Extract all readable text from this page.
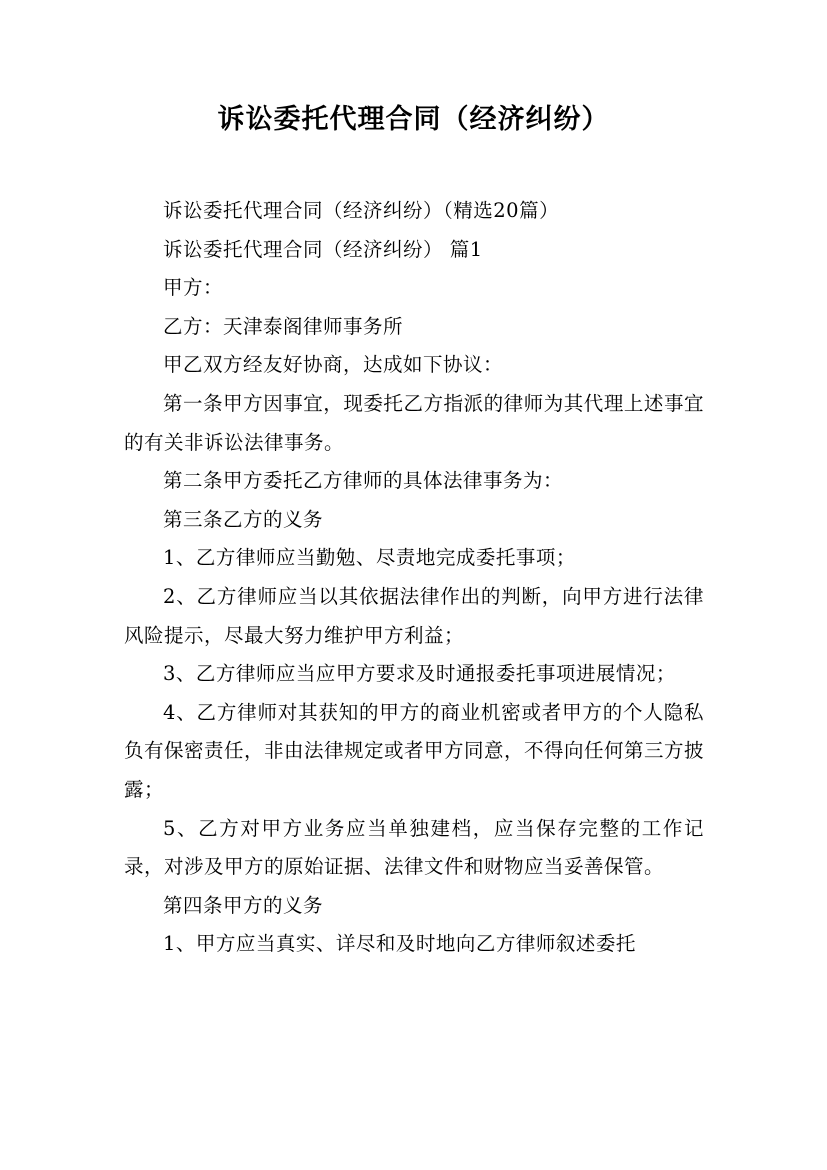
诉讼委托代理合同（经济纠纷）

诉讼委托代理合同（经济纠纷）（精选20篇）

诉讼委托代理合同（经济纠纷） 篇1

甲方：

乙方：天津泰阁律师事务所

甲乙双方经友好协商，达成如下协议：

第一条甲方因事宜，现委托乙方指派的律师为其代理上述事宜的有关非诉讼法律事务。

第二条甲方委托乙方律师的具体法律事务为：

第三条乙方的义务

1、乙方律师应当勤勉、尽责地完成委托事项；

2、乙方律师应当以其依据法律作出的判断，向甲方进行法律风险提示，尽最大努力维护甲方利益；

3、乙方律师应当应甲方要求及时通报委托事项进展情况；

4、乙方律师对其获知的甲方的商业机密或者甲方的个人隐私负有保密责任，非由法律规定或者甲方同意，不得向任何第三方披露；

5、乙方对甲方业务应当单独建档，应当保存完整的工作记录，对涉及甲方的原始证据、法律文件和财物应当妥善保管。

第四条甲方的义务

1、甲方应当真实、详尽和及时地向乙方律师叙述委托
